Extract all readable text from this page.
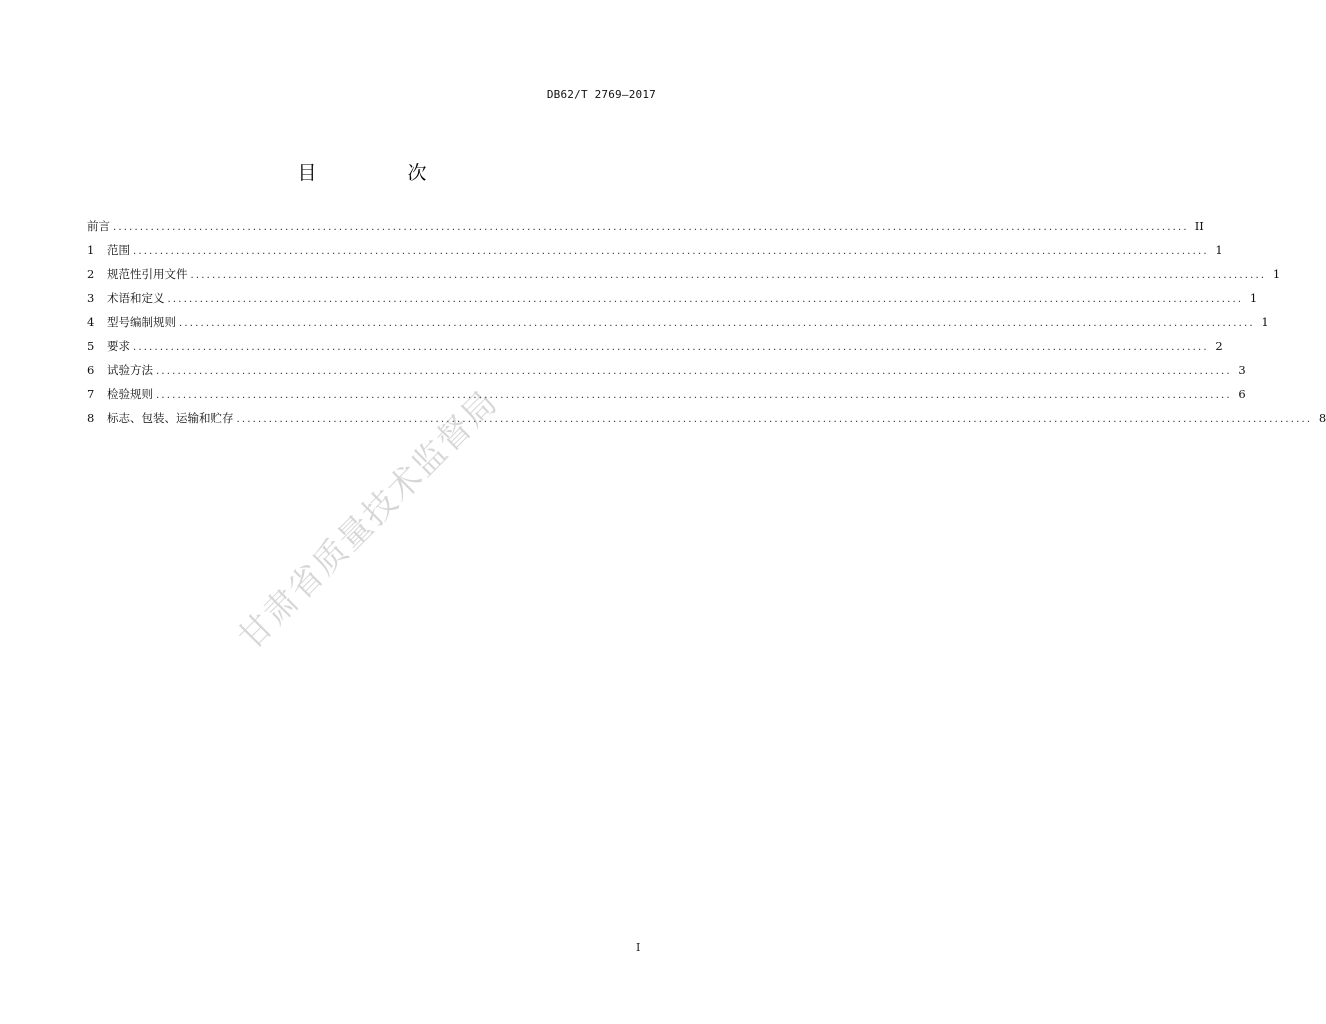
DB62/T 2769—2017
目　次
前言 ........................................................................................................................................................................................................ II
1	范围 ........................................................................................................................................................................................................ 1
2	规范性引用文件 ........................................................................................................................................................................................................ 1
3	术语和定义 ........................................................................................................................................................................................................ 1
4	型号编制规则 ........................................................................................................................................................................................................ 1
5	要求 ........................................................................................................................................................................................................ 2
6	试验方法 ........................................................................................................................................................................................................ 3
7	检验规则 ........................................................................................................................................................................................................ 6
8	标志、包装、运输和贮存 ........................................................................................................................................................................................................ 8
甘肃省质量技术监督局
I
